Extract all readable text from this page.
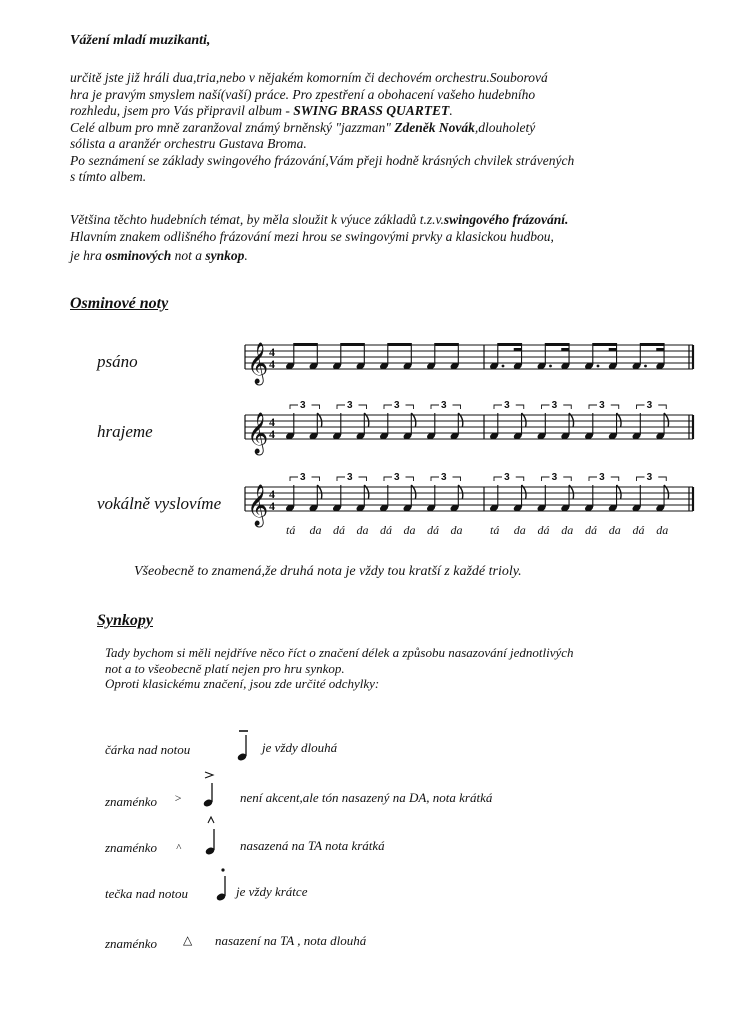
Vážení mladí muzikanti,
určitě jste již hráli dua,tria,nebo v nějakém komorním či dechovém orchestru.Souborová
hra je pravým smyslem naší(vaší) práce. Pro zpestření a obohacení vašeho hudebního
rozhledu, jsem pro Vás připravil album - SWING BRASS QUARTET.
Celé album pro mně zaranžoval známý brněnský "jazzman" Zdeněk Novák,dlouholetý
sólista a aranžér orchestru Gustava Broma.
Po seznámení se základy swingového frázování,Vám přeji hodně krásných chvilek strávených
s tímto albem.
Většina těchto hudebních témat, by měla sloužit k výuce základů t.z.v.swingového frázování.
Hlavním znakem odlišného frázování mezi hrou se swingovými prvky a klasickou hudbou,
je hra osminových not a synkop.
Osminové noty
psáno
hrajeme
vokálně vyslovíme
𝄞 4
4
𝄞 4
4
3	3	3	3	3	3	3	3
𝄞 4
4
3	3	3	3	3	3	3	3
tá da dá da dá da dá da tá da dá da dá da dá da
Všeobecně to znamená,že druhá nota je vždy tou kratší z každé trioly.
Synkopy
Tady bychom si měli nejdříve něco říct o značení délek a způsobu nasazování jednotlivých
not a to všeobecně platí nejen pro hru synkop.
Oproti klasickému značení, jsou zde určité odchylky:
čárka nad notou	je vždy dlouhá
znaménko >	není akcent,ale tón nasazený na DA, nota krátká
znaménko ^	nasazená na TA nota krátká
tečka nad notou	je vždy krátce
znaménko △ nasazení na TA , nota dlouhá
